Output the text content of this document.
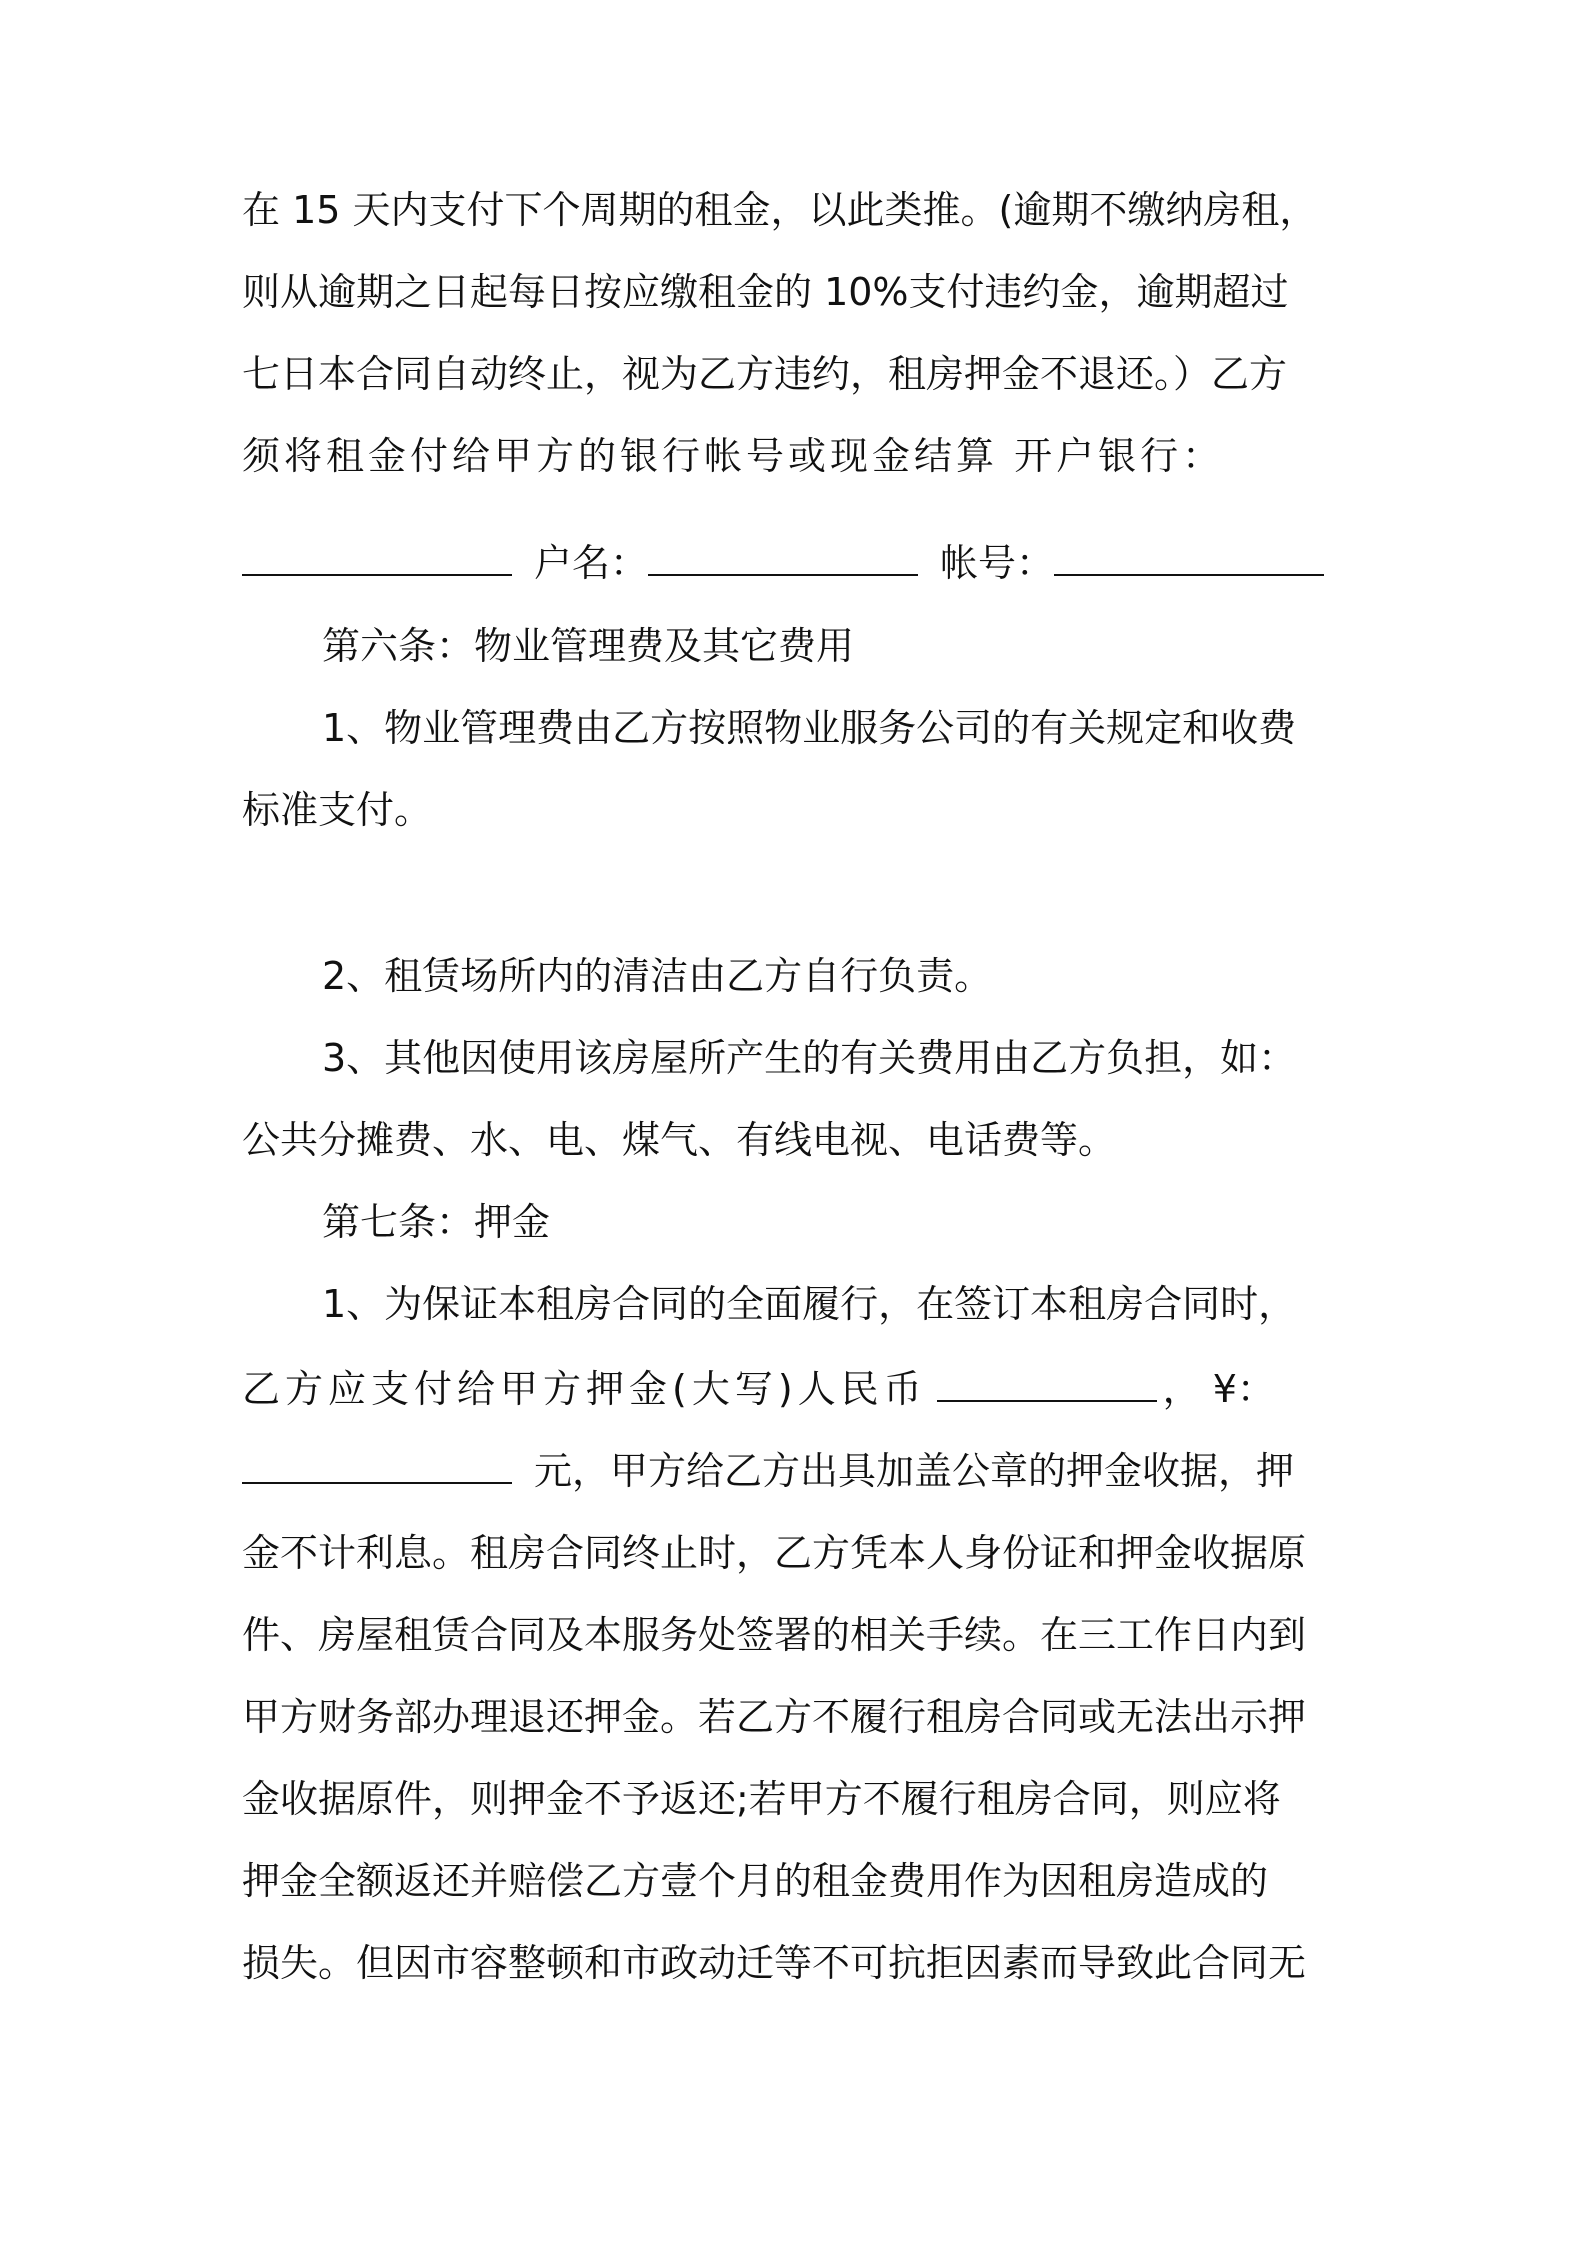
在 15 天内支付下个周期的租金，以此类推。(逾期不缴纳房租，
则从逾期之日起每日按应缴租金的 10%支付违约金，逾期超过
七日本合同自动终止，视为乙方违约，租房押金不退还。）乙方
须将租金付给甲方的银行帐号或现金结算 开户银行：
户名：	帐号：
第六条：物业管理费及其它费用
1、物业管理费由乙方按照物业服务公司的有关规定和收费
标准支付。
2、租赁场所内的清洁由乙方自行负责。
3、其他因使用该房屋所产生的有关费用由乙方负担，如：
公共分摊费、水、电、煤气、有线电视、电话费等。
第七条：押金
1、为保证本租房合同的全面履行，在签订本租房合同时，
乙方应支付给甲方押金(大写)人民币	， ¥：
元，甲方给乙方出具加盖公章的押金收据，押
金不计利息。租房合同终止时，乙方凭本人身份证和押金收据原
件、房屋租赁合同及本服务处签署的相关手续。在三工作日内到
甲方财务部办理退还押金。若乙方不履行租房合同或无法出示押
金收据原件，则押金不予返还;若甲方不履行租房合同，则应将
押金全额返还并赔偿乙方壹个月的租金费用作为因租房造成的
损失。但因市容整顿和市政动迁等不可抗拒因素而导致此合同无
